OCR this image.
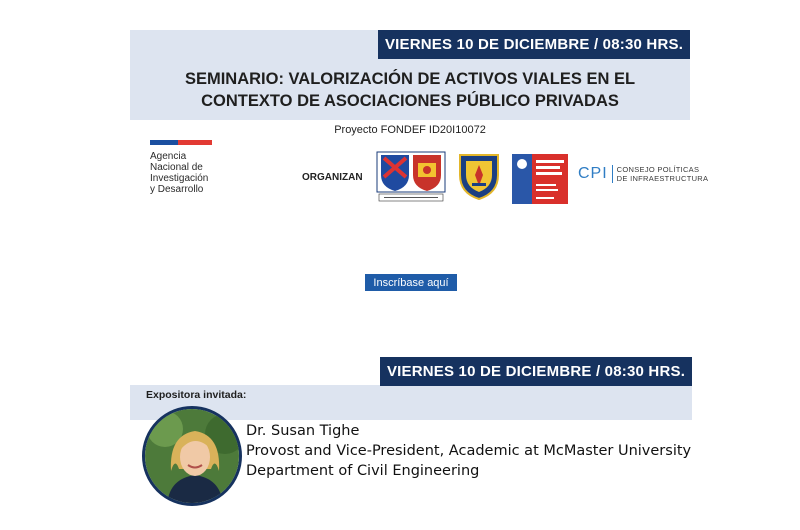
VIERNES 10 DE DICIEMBRE / 08:30 HRS.
SEMINARIO: VALORIZACIÓN DE ACTIVOS VIALES EN EL
CONTEXTO DE ASOCIACIONES PÚBLICO PRIVADAS
Proyecto FONDEF ID20I10072
Agencia
Nacional de
Investigación
y Desarrollo
ORGANIZAN	CPI CONSEJO POLÍTICAS
DE INFRAESTRUCTURA
Inscríbase aquí
VIERNES 10 DE DICIEMBRE / 08:30 HRS.
Expositora invitada:
Dr. Susan Tighe
Provost and Vice-President, Academic at McMaster University
Department of Civil Engineering
